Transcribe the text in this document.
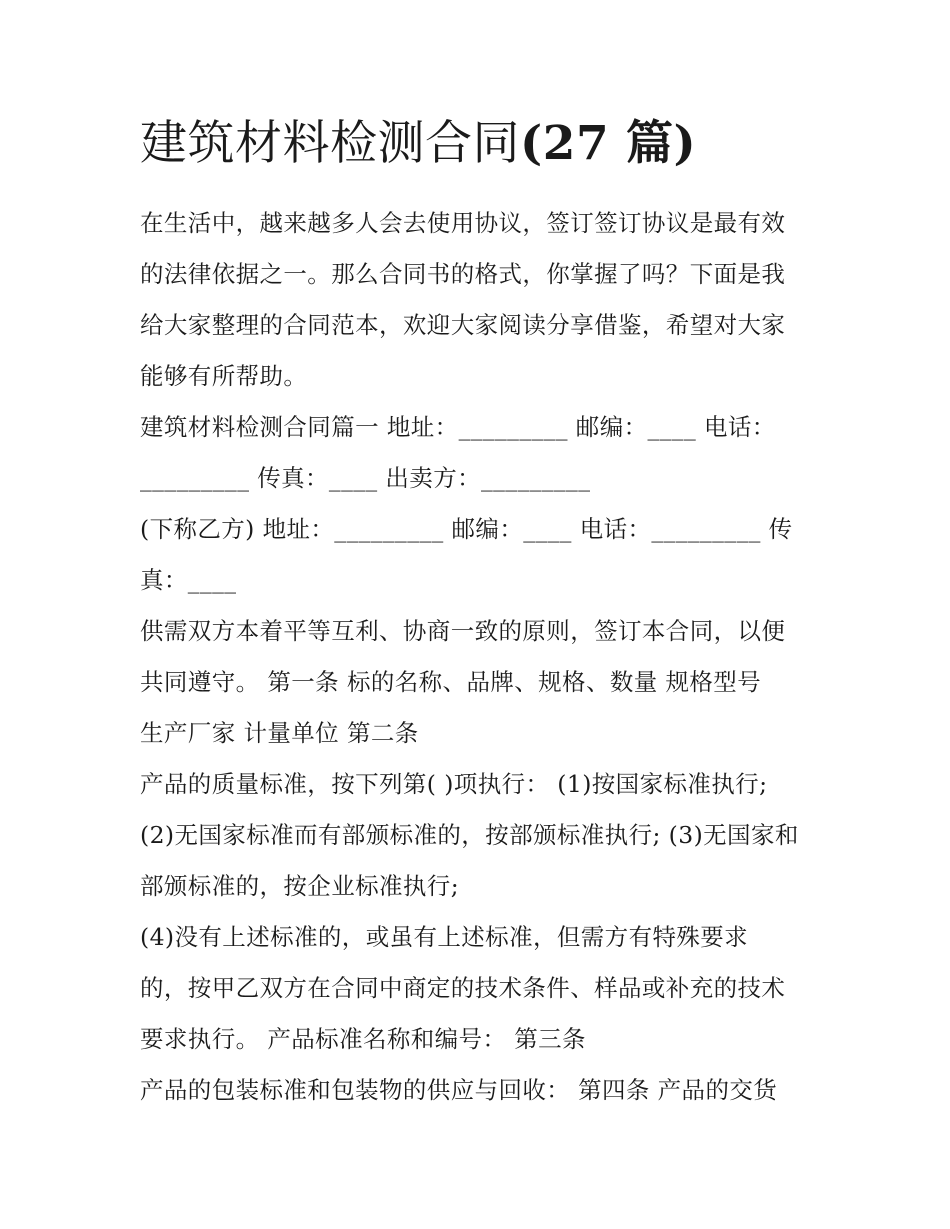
建筑材料检测合同(27 篇)
在生活中，越来越多人会去使用协议，签订签订协议是最有效
的法律依据之一。那么合同书的格式，你掌握了吗？下面是我
给大家整理的合同范本，欢迎大家阅读分享借鉴，希望对大家
能够有所帮助。
建筑材料检测合同篇一 地址：_________ 邮编：____ 电话：
_________ 传真：____ 出卖方：_________
(下称乙方) 地址：_________ 邮编：____ 电话：_________ 传
真：____
供需双方本着平等互利、协商一致的原则，签订本合同，以便
共同遵守。 第一条 标的名称、品牌、规格、数量 规格型号
生产厂家 计量单位 第二条
产品的质量标准，按下列第( )项执行： (1)按国家标准执行;
(2)无国家标准而有部颁标准的，按部颁标准执行; (3)无国家和
部颁标准的，按企业标准执行;
(4)没有上述标准的，或虽有上述标准，但需方有特殊要求
的，按甲乙双方在合同中商定的技术条件、样品或补充的技术
要求执行。 产品标准名称和编号： 第三条
产品的包装标准和包装物的供应与回收： 第四条 产品的交货
